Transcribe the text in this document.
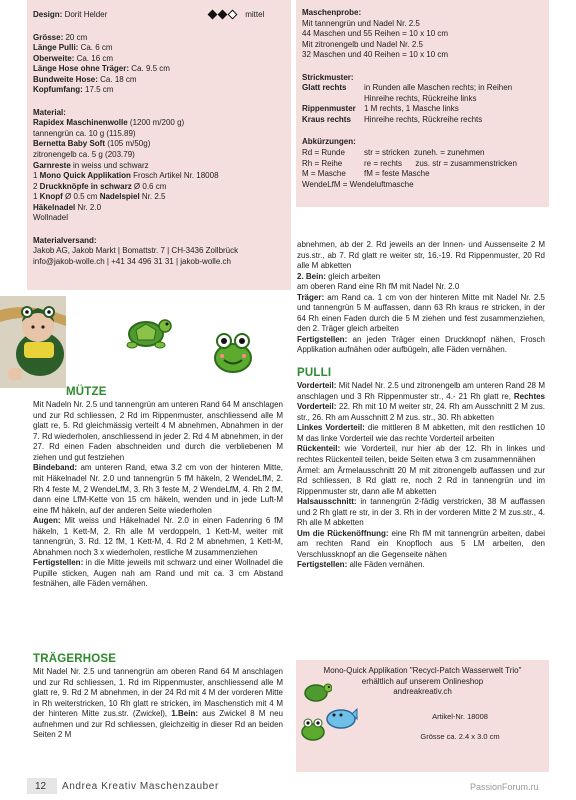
Design: Dorit Helder	mittel
Grösse: 20 cm
Länge Pulli: Ca. 6 cm
Oberweite: Ca. 16 cm
Länge Hose ohne Träger: Ca. 9.5 cm
Bundweite Hose: Ca. 18 cm
Kopfumfang: 17.5 cm
Material:
Rapidex Maschinenwolle (1200 m/200 g)
tannengrün ca. 10 g (115.89)
Bernetta Baby Soft (105 m/50g)
zitronengelb ca. 5 g (203.79)
Garnreste in weiss und schwarz
1 Mono Quick Applikation Frosch Artikel Nr. 18008
2 Druckknöpfe in schwarz Ø 0.6 cm
1 Knopf Ø 0.5 cm Nadelspiel Nr. 2.5
Häkelnadel Nr. 2.0
Wollnadel
Materialversand:
Jakob AG, Jakob Markt | Bomattstr. 7 | CH-3436 Zollbrück
info@jakob-wolle.ch | +41 34 496 31 31 | jakob-wolle.ch
Maschenprobe:
Mit tannengrün und Nadel Nr. 2.5
44 Maschen und 55 Reihen = 10 x 10 cm
Mit zitronengelb und Nadel Nr. 2.5
32 Maschen und 40 Reihen = 10 x 10 cm
Strickmuster:
Glatt rechts	in Runden alle Maschen rechts; in Reihen
Hinreihe rechts, Rückreihe links
Rippenmuster	1 M rechts, 1 Masche links
Kraus rechts	Hinreihe rechts, Rückreihe rechts
Abkürzungen:
Rd = Runde	str = stricken  zuneh. = zunehmen
Rh = Reihe	re = rechts      zus. str = zusammenstricken
M = Masche	fM = feste Masche
WendeLfM = Wendeluftmasche
MÜTZE
Mit Nadeln Nr. 2.5 und tannengrün am unteren Rand 64 M anschlagen und zur Rd schliessen, 2 Rd im Rippenmuster, anschliessend alle M glatt re, 5. Rd gleichmässig verteilt 4 M abnehmen, Abnahmen in der 7. Rd wiederholen, anschliessend in jeder 2. Rd 4 M abnehmen, in der 27. Rd einen Faden abschneiden und durch die verbliebenen M ziehen und gut festziehen
Bindeband: am unteren Rand, etwa 3.2 cm von der hinteren Mitte, mit Häkelnadel Nr. 2.0 und tannengrün 5 fM häkeln, 2 WendeLfM, 2. Rh 4 feste M, 2 WendeLfM, 3. Rh 3 feste M, 2 WendeLfM, 4. Rh 2 fM, dann eine LfM-Kette von 15 cm häkeln, wenden und in jede Luft-M eine fM häkeln, auf der anderen Seite wiederholen
Augen: Mit weiss und Häkelnadel Nr. 2.0 in einen Fadenring 6 fM häkeln, 1 Kett-M, 2. Rh alle M verdoppeln, 1 Kett-M, weiter mit tannengrün, 3. Rd. 12 fM, 1 Kett-M, 4. Rd 2 M abnehmen, 1 Kett-M, Abnahmen noch 3 x wiederholen, restliche M zusammenziehen
Fertigstellen: in die Mitte jeweils mit schwarz und einer Wollnadel die Pupille sticken, Augen nah am Rand und mit ca. 3 cm Abstand festnähen, alle Fäden vernähen.
TRÄGERHOSE
Mit Nadel Nr. 2.5 und tannengrün am oberen Rand 64 M anschlagen und zur Rd schliessen, 1. Rd im Rippenmuster, anschliessend alle M glatt re, 9. Rd 2 M abnehmen, in der 24 Rd mit 4 M der vorderen Mitte in Rh weiterstricken, 10 Rh glatt re stricken, im Maschenstich mit 4 M der hinteren Mitte zus.str. (Zwickel), 1.Bein: aus Zwickel 8 M neu aufnehmen und zur Rd schliessen, gleichzeitig in dieser Rd an beiden Seiten 2 M
abnehmen, ab der 2. Rd jeweils an der Innen- und Aussenseite 2 M zus.str., ab 7. Rd glatt re weiter str, 16.-19. Rd Rippenmuster, 20 Rd alle M abketten
2. Bein: gleich arbeiten
am oberen Rand eine Rh fM mit Nadel Nr. 2.0
Träger: am Rand ca. 1 cm von der hinteren Mitte mit Nadel Nr. 2.5 und tannengrün 5 M auffassen, dann 63 Rh kraus re stricken, in der 64 Rh einen Faden durch die 5 M ziehen und fest zusammenziehen, den 2. Träger gleich arbeiten
Fertigstellen: an jeden Träger einen Druckknopf nähen, Frosch Applikation aufnähen oder aufbügeln, alle Fäden vernähen.
PULLI
Vorderteil: Mit Nadel Nr. 2.5 und zitronengelb am unteren Rand 28 M anschlagen und 3 Rh Rippenmuster str., 4.- 21 Rh glatt re, Rechtes Vorderteil: 22. Rh mit 10 M weiter str, 24. Rh am Ausschnitt 2 M zus. str., 26. Rh am Ausschnitt 2 M zus. str., 30. Rh abketten
Linkes Vorderteil: die mittleren 8 M abketten, mit den restlichen 10 M das linke Vorderteil wie das rechte Vorderteil arbeiten
Rückenteil: wie Vorderteil, nur hier ab der 12. Rh in linkes und rechtes Rückenteil teilen, beide Seiten etwa 3 cm zusammennähen
Ärmel: am Ärmelausschnitt 20 M mit zitronengelb auffassen und zur Rd schliessen, 8 Rd glatt re, noch 2 Rd in tannengrün und im Rippenmuster str, dann alle M abketten
Halsausschnitt: in tannengrün 2-fädig verstricken, 38 M auffassen und 2 Rh glatt re str, in der 3. Rh in der vorderen Mitte 2 M zus.str., 4. Rh alle M abketten
Um die Rückenöffnung: eine Rh fM mit tannengrün arbeiten, dabei am rechten Rand ein Knopfloch aus 5 LM arbeiten, den Verschlussknopf an die Gegenseite nähen
Fertigstellen: alle Fäden vernähen.
Mono-Quick Applikation "Recycl-Patch Wasserwelt Trio"
erhältlich auf unserem Onlineshop
andreakreativ.ch
Artikel-Nr. 18008
Grösse ca. 2.4 x 3.0 cm
12 Andrea Kreativ Maschenzauber	PassionForum.ru
